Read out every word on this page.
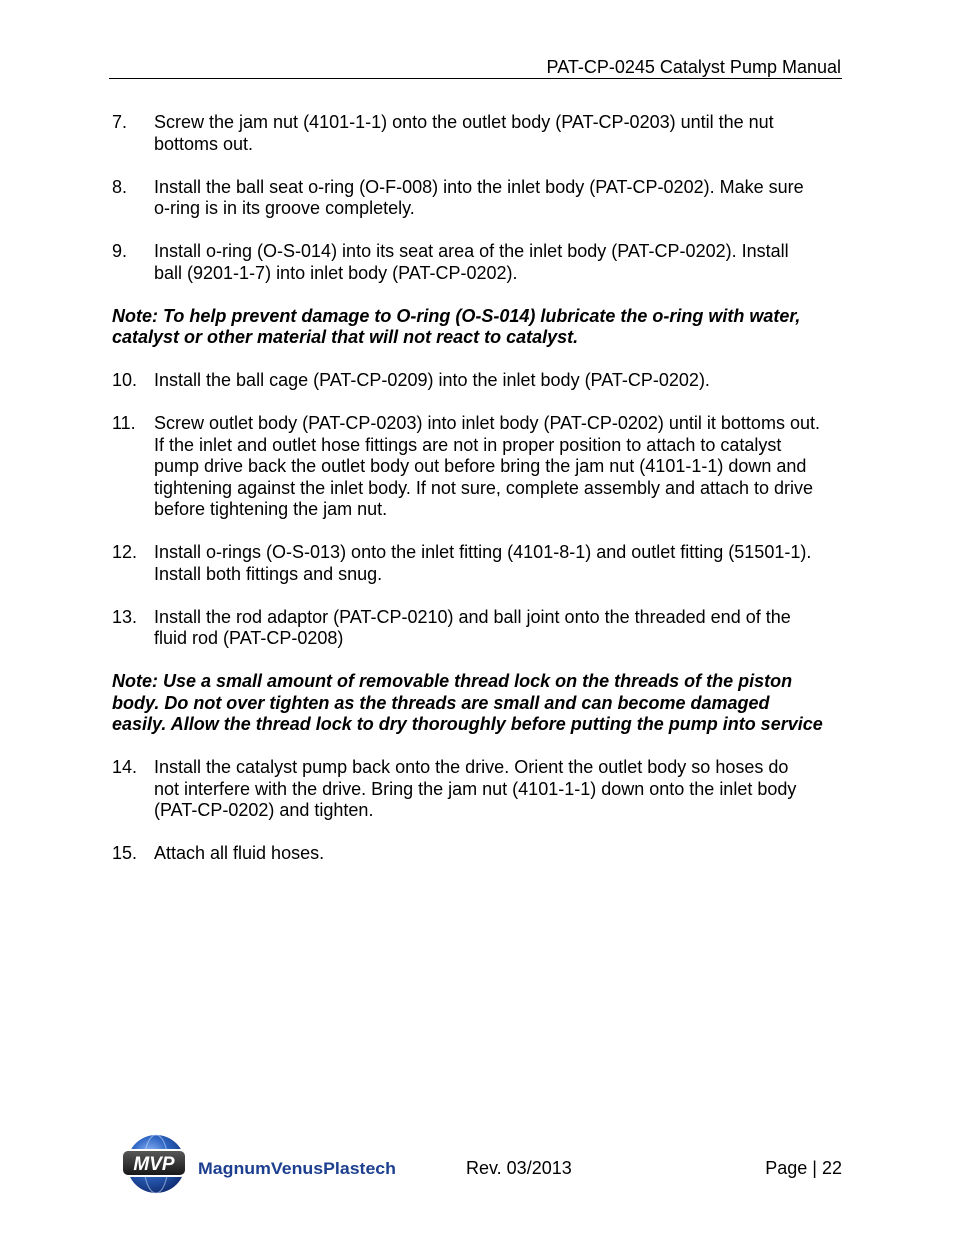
PAT-CP-0245 Catalyst Pump Manual
7. Screw the jam nut (4101-1-1) onto the outlet body (PAT-CP-0203) until the nut
bottoms out.
8. Install the ball seat o-ring (O-F-008) into the inlet body (PAT-CP-0202). Make sure
o-ring is in its groove completely.
9. Install o-ring (O-S-014) into its seat area of the inlet body (PAT-CP-0202). Install
ball (9201-1-7) into inlet body (PAT-CP-0202).
Note: To help prevent damage to O-ring (O-S-014) lubricate the o-ring with water,
catalyst or other material that will not react to catalyst.
10. Install the ball cage (PAT-CP-0209) into the inlet body (PAT-CP-0202).
11. Screw outlet body (PAT-CP-0203) into inlet body (PAT-CP-0202) until it bottoms out.
If the inlet and outlet hose fittings are not in proper position to attach to catalyst
pump drive back the outlet body out before bring the jam nut (4101-1-1) down and
tightening against the inlet body. If not sure, complete assembly and attach to drive
before tightening the jam nut.
12. Install o-rings (O-S-013) onto the inlet fitting (4101-8-1) and outlet fitting (51501-1).
Install both fittings and snug.
13. Install the rod adaptor (PAT-CP-0210) and ball joint onto the threaded end of the
fluid rod (PAT-CP-0208)
Note: Use a small amount of removable thread lock on the threads of the piston
body. Do not over tighten as the threads are small and can become damaged
easily. Allow the thread lock to dry thoroughly before putting the pump into service
14. Install the catalyst pump back onto the drive. Orient the outlet body so hoses do
not interfere with the drive. Bring the jam nut (4101-1-1) down onto the inlet body
(PAT-CP-0202) and tighten.
15. Attach all fluid hoses.
MVP MagnumVenusPlastech	Rev. 03/2013	Page | 22
